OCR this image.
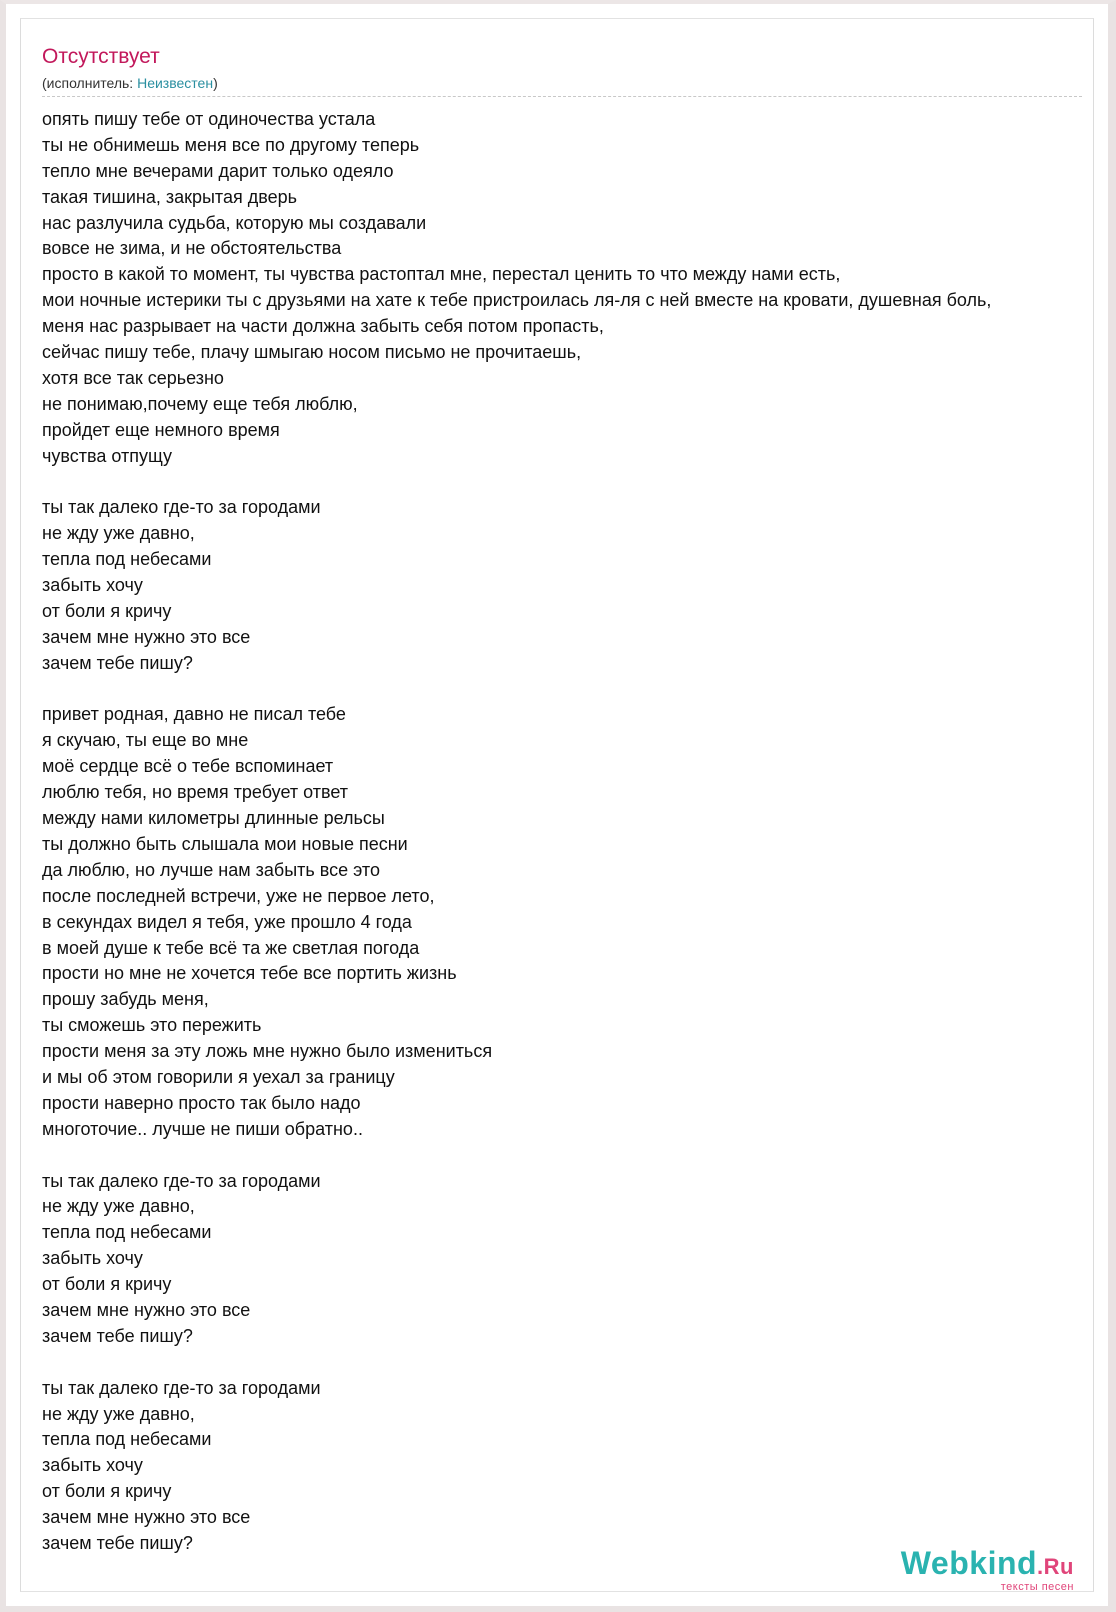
Отсутствует
(исполнитель: Неизвестен)
опять пишу тебе от одиночества устала
ты не обнимешь меня все по другому теперь
тепло мне вечерами дарит только одеяло
такая тишина, закрытая дверь
нас разлучила судьба, которую мы создавали
вовсе не зима, и не обстоятельства
просто в какой то момент, ты чувства растоптал мне, перестал ценить то что между нами есть,
мои ночные истерики ты с друзьями на хате к тебе пристроилась ля-ля с ней вместе на кровати, душевная боль,
меня нас разрывает на части должна забыть себя потом пропасть,
сейчас пишу тебе, плачу шмыгаю носом письмо не прочитаешь,
хотя все так серьезно
не понимаю,почему еще тебя люблю,
пройдет еще немного время
чувства отпущу
ты так далеко где-то за городами
не жду уже давно,
тепла под небесами
забыть хочу
от боли я кричу
зачем мне нужно это все
зачем тебе пишу?
привет родная, давно не писал тебе
я скучаю, ты еще во мне
моё сердце всё о тебе вспоминает
люблю тебя, но время требует ответ
между нами километры длинные рельсы
ты должно быть слышала мои новые песни
да люблю, но лучше нам забыть все это
после последней встречи, уже не первое лето,
в секундах видел я тебя, уже прошло 4 года
в моей душе к тебе всё та же светлая погода
прости но мне не хочется тебе все портить жизнь
прошу забудь меня,
ты сможешь это пережить
прости меня за эту ложь мне нужно было измениться
и мы об этом говорили я уехал за границу
прости наверно просто так было надо
многоточие.. лучше не пиши обратно..
ты так далеко где-то за городами
не жду уже давно,
тепла под небесами
забыть хочу
от боли я кричу
зачем мне нужно это все
зачем тебе пишу?
ты так далеко где-то за городами
не жду уже давно,
тепла под небесами
забыть хочу
от боли я кричу
зачем мне нужно это все
зачем тебе пишу?
Webkind.Ru
тексты песен
